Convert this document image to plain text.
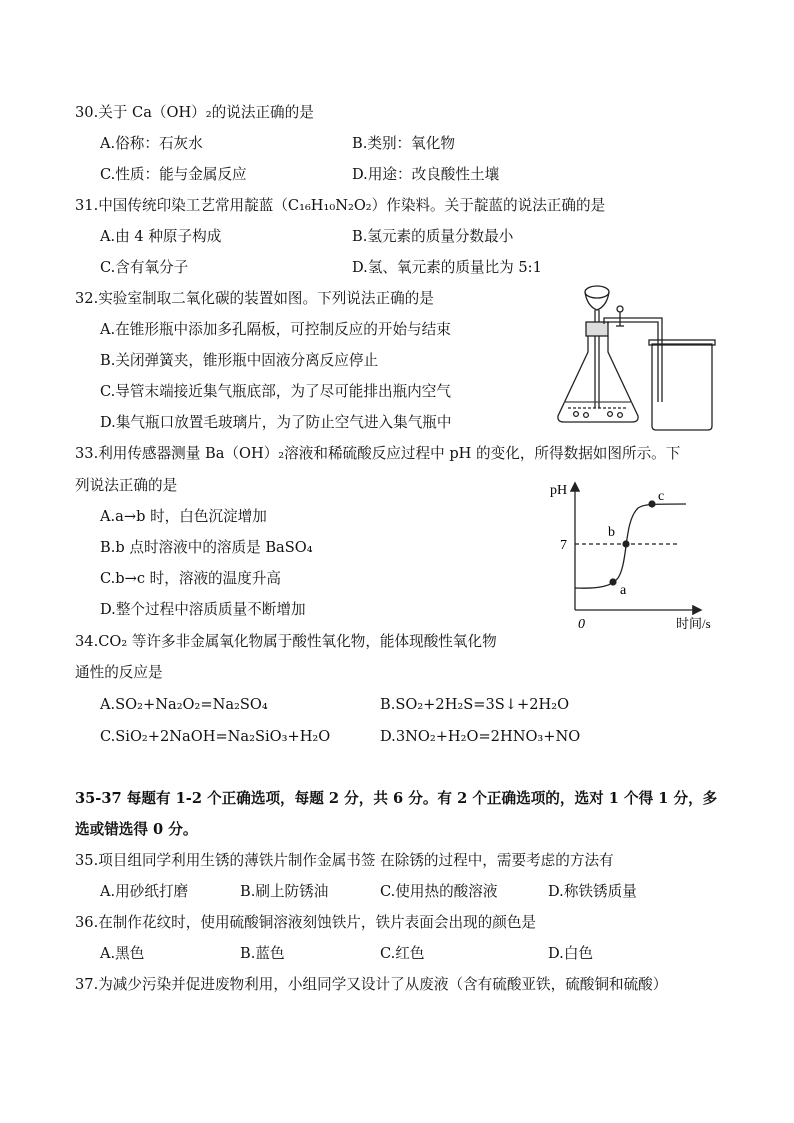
30.关于 Ca（OH）₂的说法正确的是
A.俗称：石灰水	B.类别：氧化物
C.性质：能与金属反应	D.用途：改良酸性土壤
31.中国传统印染工艺常用靛蓝（C₁₆H₁₀N₂O₂）作染料。关于靛蓝的说法正确的是
A.由 4 种原子构成	B.氢元素的质量分数最小
C.含有氧分子	D.氢、氧元素的质量比为 5:1
32.实验室制取二氧化碳的装置如图。下列说法正确的是
A.在锥形瓶中添加多孔隔板，可控制反应的开始与结束
B.关闭弹簧夹，锥形瓶中固液分离反应停止
C.导管末端接近集气瓶底部，为了尽可能排出瓶内空气
D.集气瓶口放置毛玻璃片，为了防止空气进入集气瓶中
33.利用传感器测量 Ba（OH）₂溶液和稀硫酸反应过程中 pH 的变化，所得数据如图所示。下
列说法正确的是
A.a→b 时，白色沉淀增加
B.b 点时溶液中的溶质是 BaSO₄
C.b→c 时，溶液的温度升高
D.整个过程中溶质质量不断增加
pH
7
0	时间/s
a
b
c
34.CO₂ 等许多非金属氧化物属于酸性氧化物，能体现酸性氧化物
通性的反应是
A.SO₂+Na₂O₂=Na₂SO₄	B.SO₂+2H₂S=3S↓+2H₂O
C.SiO₂+2NaOH=Na₂SiO₃+H₂O	D.3NO₂+H₂O=2HNO₃+NO
35-37 每题有 1-2 个正确选项，每题 2 分，共 6 分。有 2 个正确选项的，选对 1 个得 1 分，多
选或错选得 0 分。
35.项目组同学利用生锈的薄铁片制作金属书签 在除锈的过程中，需要考虑的方法有
A.用砂纸打磨	B.刷上防锈油	C.使用热的酸溶液	D.称铁锈质量
36.在制作花纹时，使用硫酸铜溶液刻蚀铁片，铁片表面会出现的颜色是
A.黑色	B.蓝色	C.红色	D.白色
37.为减少污染并促进废物利用，小组同学又设计了从废液（含有硫酸亚铁，硫酸铜和硫酸）
